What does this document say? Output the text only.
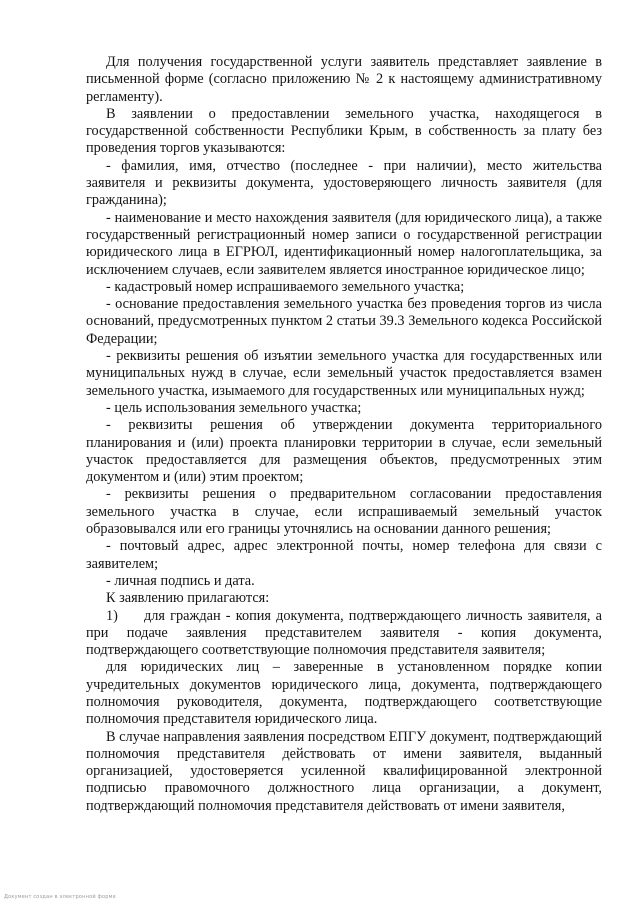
Для получения государственной услуги заявитель представляет заявление в письменной форме (согласно приложению № 2 к настоящему административному регламенту).

В заявлении о предоставлении земельного участка, находящегося в государственной собственности Республики Крым, в собственность за плату без проведения торгов указываются:

- фамилия, имя, отчество (последнее - при наличии), место жительства заявителя и реквизиты документа, удостоверяющего личность заявителя (для гражданина);

- наименование и место нахождения заявителя (для юридического лица), а также государственный регистрационный номер записи о государственной регистрации юридического лица в ЕГРЮЛ, идентификационный номер налогоплательщика, за исключением случаев, если заявителем является иностранное юридическое лицо;

- кадастровый номер испрашиваемого земельного участка;

- основание предоставления земельного участка без проведения торгов из числа оснований, предусмотренных пунктом 2 статьи 39.3 Земельного кодекса Российской Федерации;

- реквизиты решения об изъятии земельного участка для государственных или муниципальных нужд в случае, если земельный участок предоставляется взамен земельного участка, изымаемого для государственных или муниципальных нужд;

- цель использования земельного участка;

- реквизиты решения об утверждении документа территориального планирования и (или) проекта планировки территории в случае, если земельный участок предоставляется для размещения объектов, предусмотренных этим документом и (или) этим проектом;

- реквизиты решения о предварительном согласовании предоставления земельного участка в случае, если испрашиваемый земельный участок образовывался или его границы уточнялись на основании данного решения;

- почтовый адрес, адрес электронной почты, номер телефона для связи с заявителем;

- личная подпись и дата.

К заявлению прилагаются:

1) для граждан - копия документа, подтверждающего личность заявителя, а при подаче заявления представителем заявителя - копия документа, подтверждающего соответствующие полномочия представителя заявителя;

для юридических лиц – заверенные в установленном порядке копии учредительных документов юридического лица, документа, подтверждающего полномочия руководителя, документа, подтверждающего соответствующие полномочия представителя юридического лица.

В случае направления заявления посредством ЕПГУ документ, подтверждающий полномочия представителя действовать от имени заявителя, выданный организацией, удостоверяется усиленной квалифицированной электронной подписью правомочного должностного лица организации, а документ, подтверждающий полномочия представителя действовать от имени заявителя,

Документ создан в электронной форме
